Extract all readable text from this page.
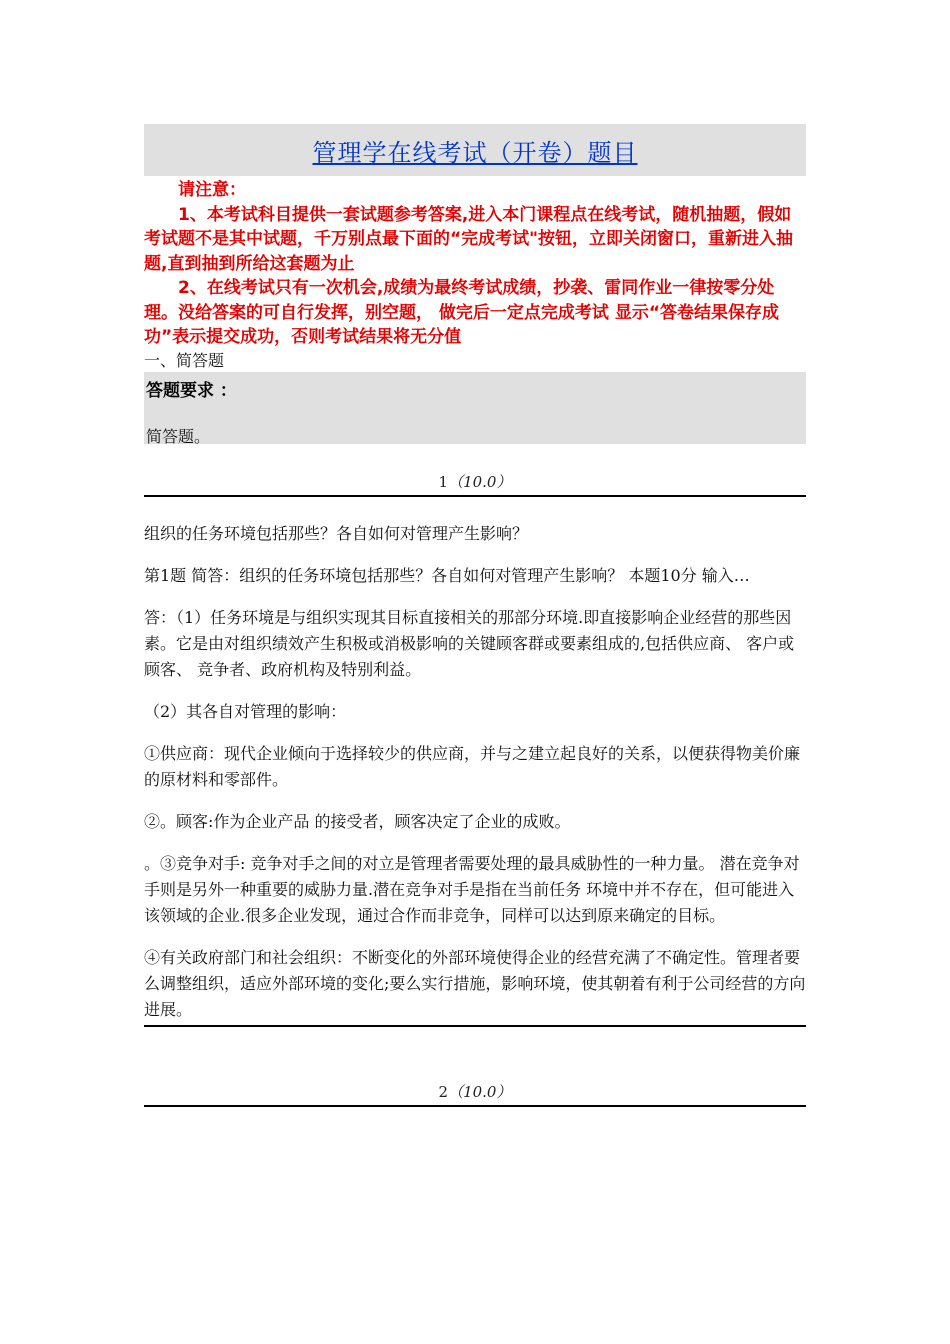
管理学在线考试（开卷）题目

请注意：

1、本考试科目提供一套试题参考答案,进入本门课程点在线考试，随机抽题，假如考试题不是其中试题，千万别点最下面的“完成考试"按钮，立即关闭窗口，重新进入抽题,直到抽到所给这套题为止

2、在线考试只有一次机会,成绩为最终考试成绩，抄袭、雷同作业一律按零分处理。没给答案的可自行发挥，别空题， 做完后一定点完成考试 显示“答卷结果保存成功”表示提交成功，否则考试结果将无分值

一、简答题
答题要求 ：
简答题。
1（10.0）

组织的任务环境包括那些？各自如何对管理产生影响？

第1题 简答：组织的任务环境包括那些？各自如何对管理产生影响？ 本题10分 输入…

答：（1）任务环境是与组织实现其目标直接相关的那部分环境.即直接影响企业经营的那些因素。它是由对组织绩效产生积极或消极影响的关键顾客群或要素组成的,包括供应商、 客户或顾客、 竞争者、政府机构及特别利益。

（2）其各自对管理的影响：

①供应商：现代企业倾向于选择较少的供应商，并与之建立起良好的关系，以便获得物美价廉的原材料和零部件。

②。顾客:作为企业产品 的接受者，顾客决定了企业的成败。

。③竞争对手: 竞争对手之间的对立是管理者需要处理的最具威胁性的一种力量。 潜在竞争对手则是另外一种重要的威胁力量.潜在竞争对手是指在当前任务 环境中并不存在，但可能进入该领域的企业.很多企业发现，通过合作而非竞争，同样可以达到原来确定的目标。

④有关政府部门和社会组织：不断变化的外部环境使得企业的经营充满了不确定性。管理者要么调整组织，适应外部环境的变化;要么实行措施，影响环境，使其朝着有利于公司经营的方向进展。

2（10.0）
